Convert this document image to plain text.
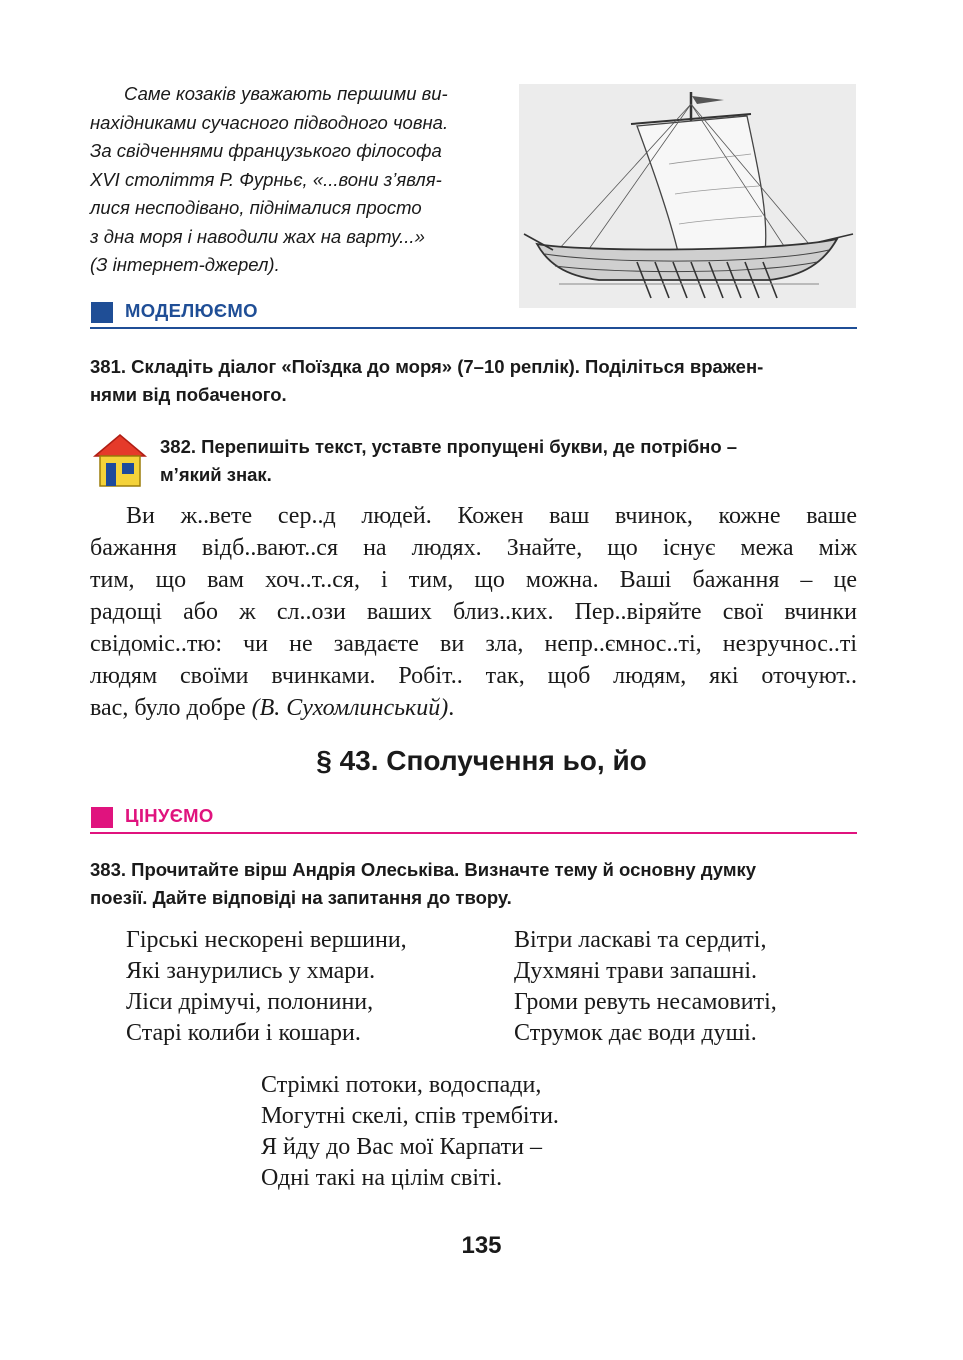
Саме козаків уважають першими ви-
нахідниками сучасного підводного човна.
За свідченнями французького філософа
XVI століття Р. Фурньє, «...вони з’явля-
лися несподівано, піднімалися просто
з дна моря і наводили жах на варту...»
(З інтернет-джерел).
МОДЕЛЮЄМО
381. Складіть діалог «Поїздка до моря» (7–10 реплік). Поділіться вражен-
нями від побаченого.
382. Перепишіть текст, уставте пропущені букви, де потрібно –
м’який знак.
Ви ж..вете сер..д людей. Кожен ваш вчинок, кожне ваше
бажання відб..вают..ся на людях. Знайте, що існує межа між
тим, що вам хоч..т..ся, і тим, що можна. Ваші бажання – це
радощі або ж сл..ози ваших близ..ких. Пер..віряйте свої вчинки
свідоміс..тю: чи не завдаєте ви зла, непр..ємнос..ті, незручнос..ті
людям своїми вчинками. Робіт.. так, щоб людям, які оточуют..
вас, було добре (В. Сухомлинський).
§ 43. Сполучення ьо, йо
ЦІНУЄМО
383. Прочитайте вірш Андрія Олеськіва. Визначте тему й основну думку
поезії. Дайте відповіді на запитання до твору.
Гірські нескорені вершини,
Які занурились у хмари.
Ліси дрімучі, полонини,
Старі колиби і кошари.
Вітри ласкаві та сердиті,
Духмяні трави запашні.
Громи ревуть несамовиті,
Струмок дає води душі.
Стрімкі потоки, водоспади,
Могутні скелі, спів трембіти.
Я йду до Вас мої Карпати –
Одні такі на цілім світі.
135
